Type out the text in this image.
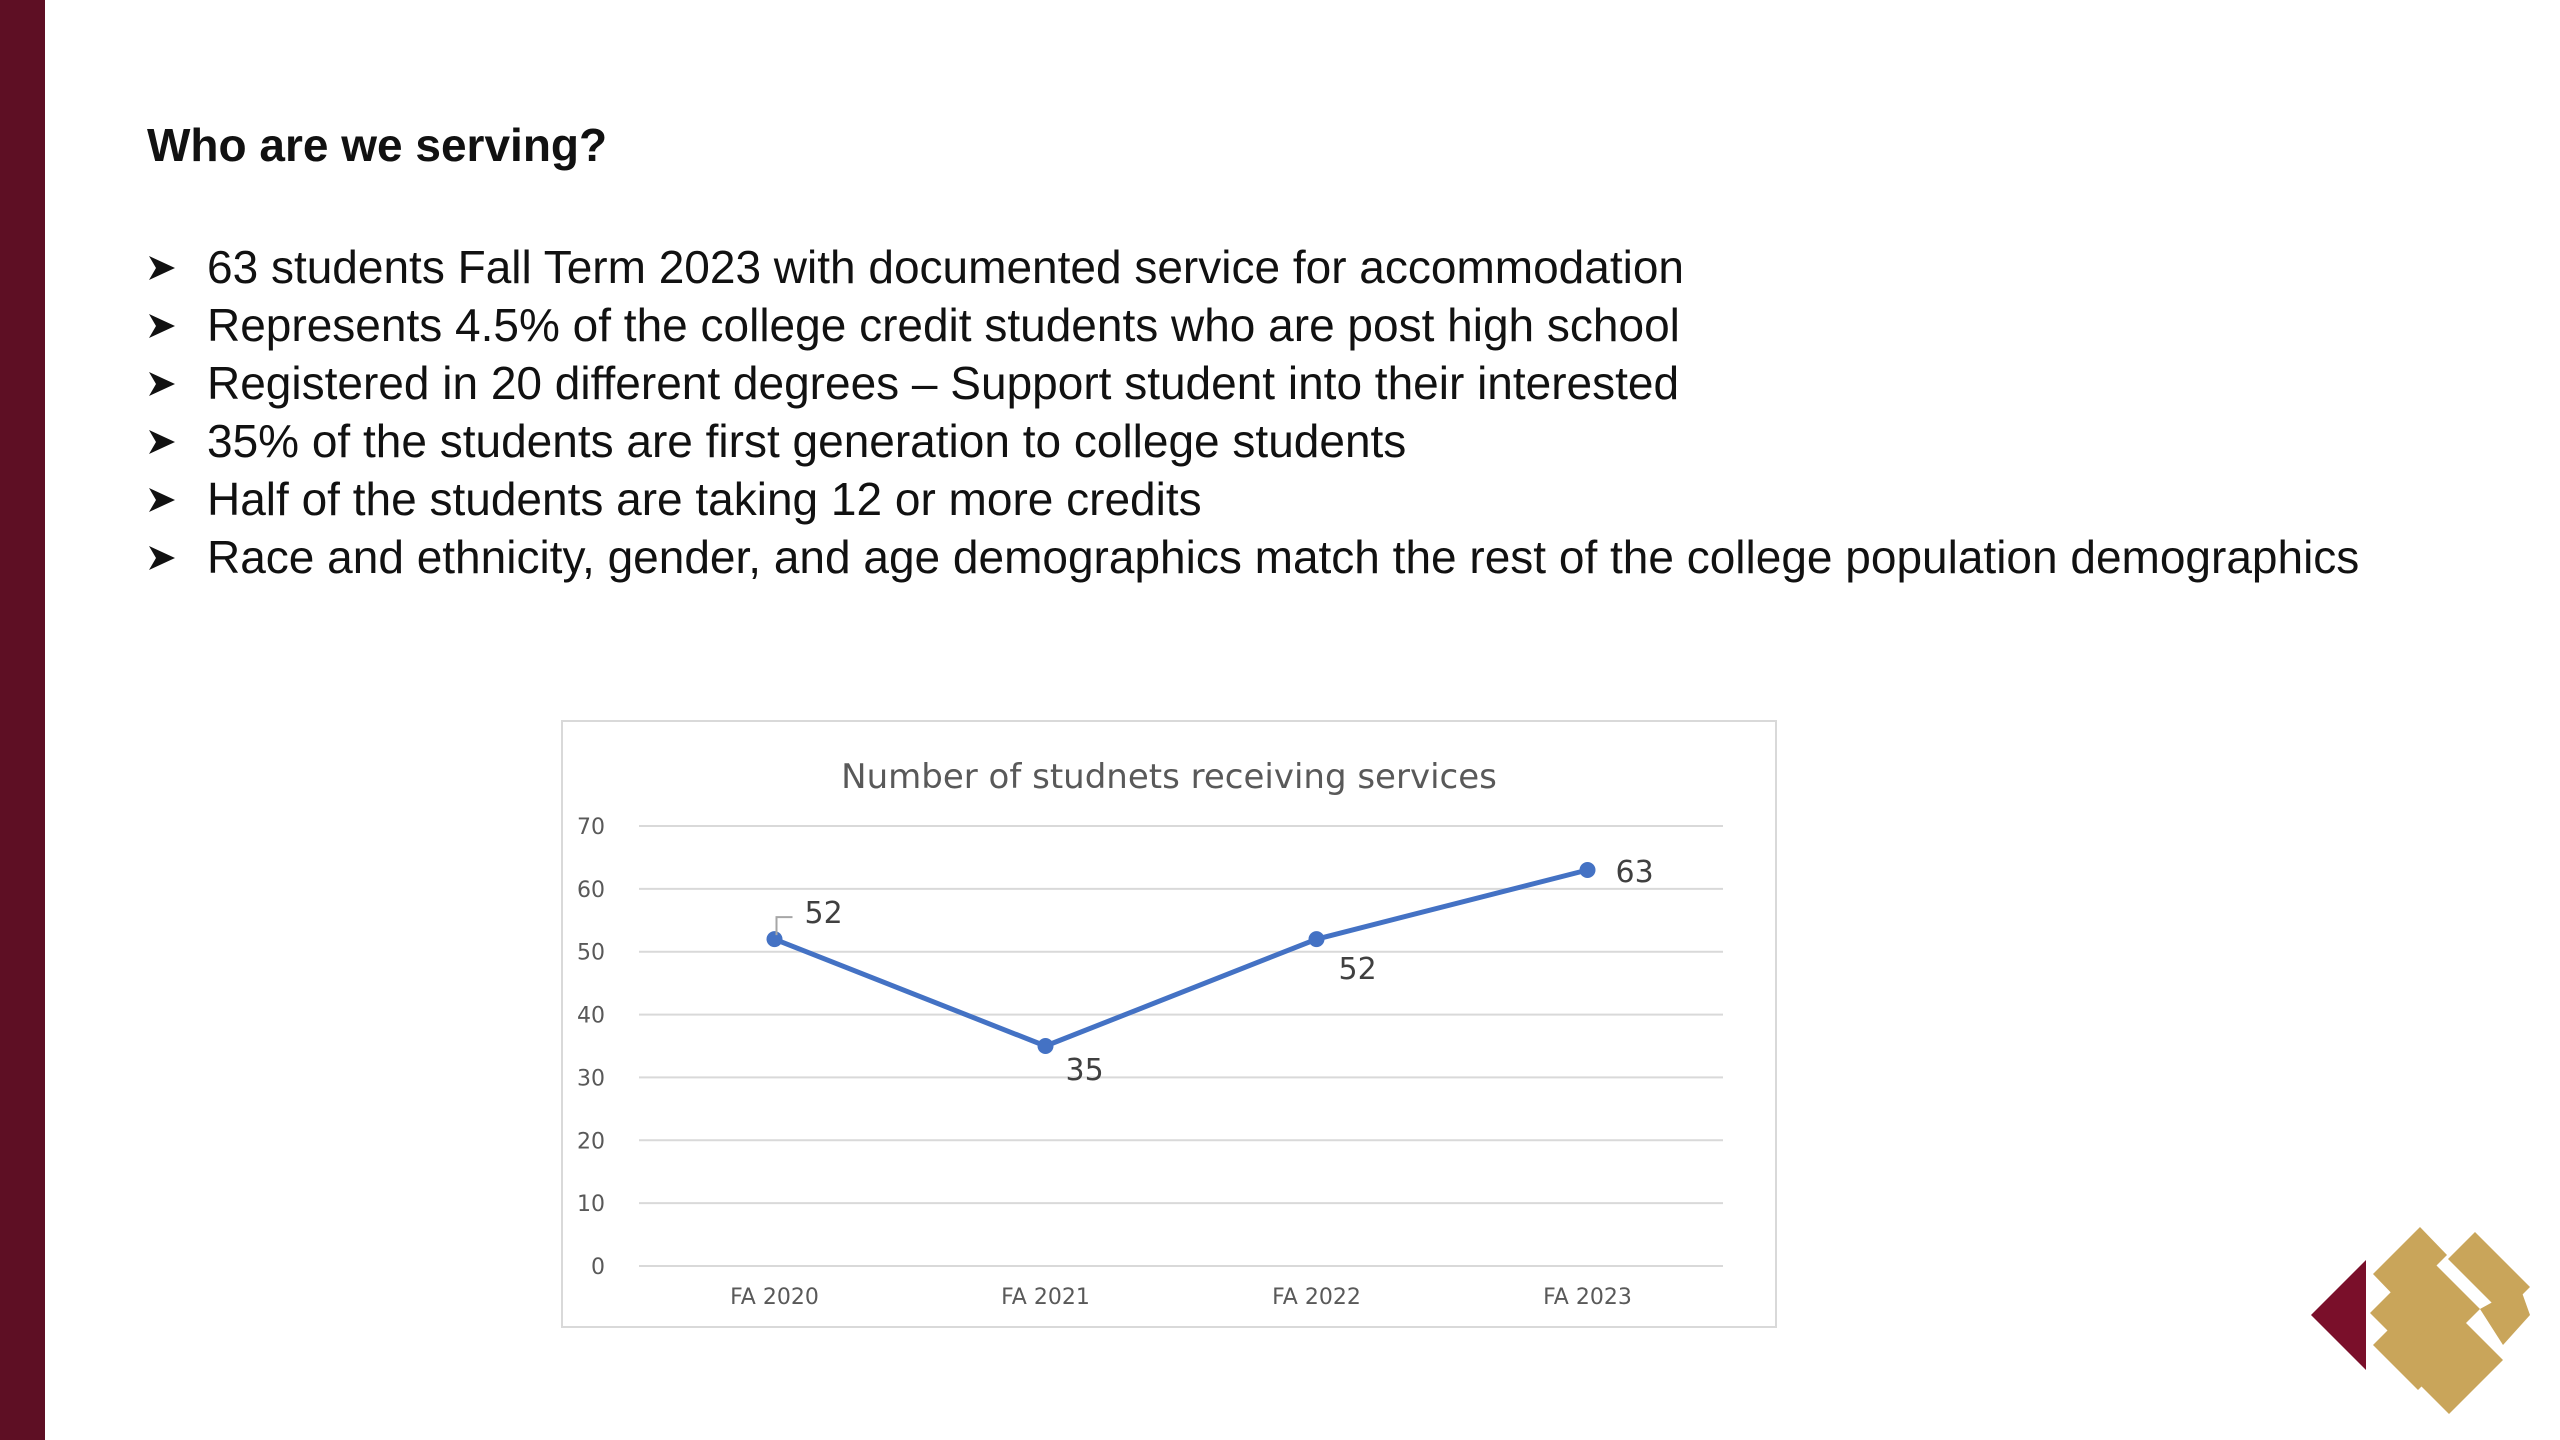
Who are we serving?
63 students Fall Term 2023 with documented service for accommodation
Represents 4.5% of the college credit students who are post high school
Registered in 20 different degrees – Support student into their interested
35% of the students are first generation to college students
Half of the students are taking 12 or more credits
Race and ethnicity, gender, and age demographics match the rest of the college population demographics
Number of studnets receiving services
0
10
20
30
40
50
60
70
FA 2020	FA 2021	FA 2022	FA 2023
52
35
52
63
